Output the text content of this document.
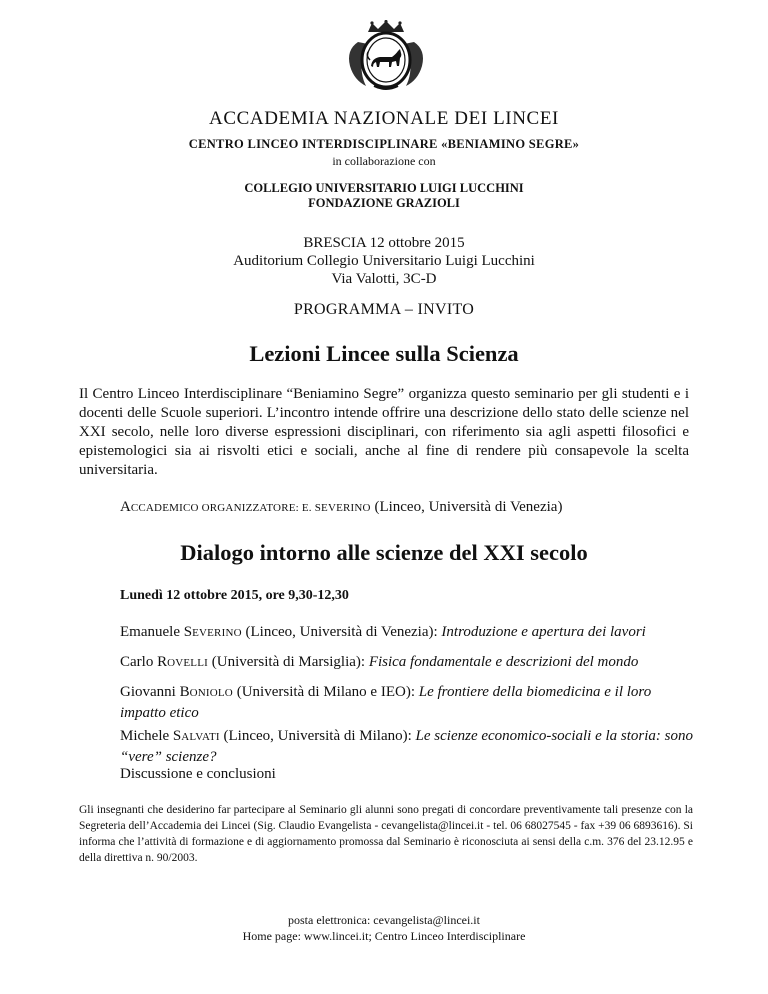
ACCADEMIA NAZIONALE DEI LINCEI
CENTRO LINCEO INTERDISCIPLINARE «BENIAMINO SEGRE»
in collaborazione con
COLLEGIO UNIVERSITARIO LUIGI LUCCHINI
FONDAZIONE GRAZIOLI
BRESCIA 12 ottobre 2015
Auditorium Collegio Universitario Luigi Lucchini
Via Valotti, 3C-D
PROGRAMMA – INVITO
Lezioni Lincee sulla Scienza
Il Centro Linceo Interdisciplinare “Beniamino Segre” organizza questo seminario per gli studenti e i docenti delle Scuole superiori. L’incontro intende offrire una descrizione dello stato delle scienze nel XXI secolo, nelle loro diverse espressioni disciplinari, con riferimento sia agli aspetti filosofici e epistemologici sia ai risvolti etici e sociali, anche al fine di rendere più consapevole la scelta universitaria.
ACCADEMICO ORGANIZZATORE: E. SEVERINO (Linceo, Università di Venezia)
Dialogo intorno alle scienze del XXI secolo
Lunedì 12 ottobre 2015, ore 9,30-12,30
Emanuele SEVERINO (Linceo, Università di Venezia): Introduzione e apertura dei lavori
Carlo ROVELLI (Università di Marsiglia): Fisica fondamentale e descrizioni del mondo
Giovanni BONIOLO (Università di Milano e IEO): Le frontiere della biomedicina e il loro impatto etico
Michele SALVATI (Linceo, Università di Milano): Le scienze economico-sociali e la storia: sono “vere” scienze?
Discussione e conclusioni
Gli insegnanti che desiderino far partecipare al Seminario gli alunni sono pregati di concordare preventivamente tali presenze con la Segreteria dell’Accademia dei Lincei (Sig. Claudio Evangelista - cevangelista@lincei.it - tel. 06 68027545 - fax +39 06 6893616). Si informa che l’attività di formazione e di aggiornamento promossa dal Seminario è riconosciuta ai sensi della c.m. 376 del 23.12.95 e della direttiva n. 90/2003.
posta elettronica: cevangelista@lincei.it
Home page: www.lincei.it; Centro Linceo Interdisciplinare
